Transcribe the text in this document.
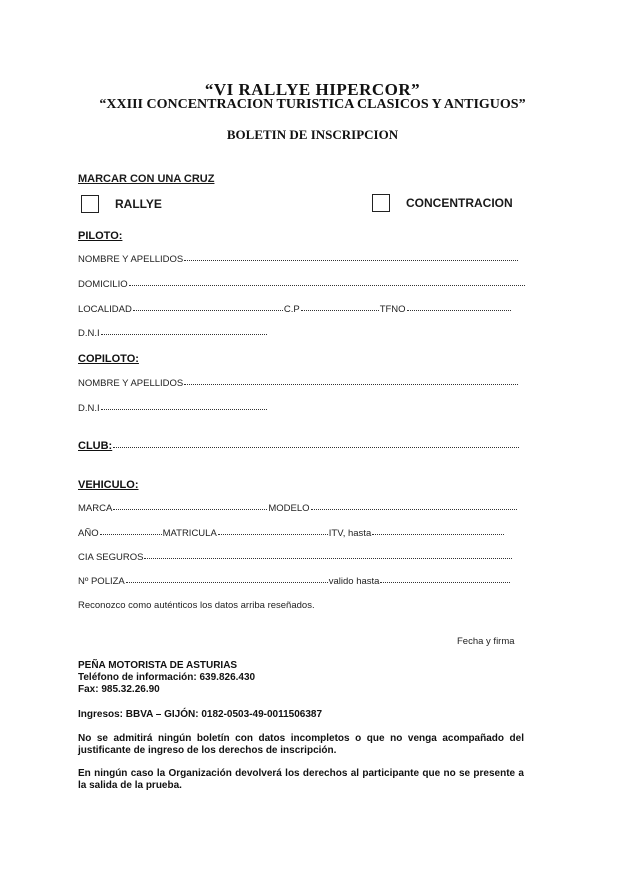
“VI RALLYE HIPERCOR”
“XXIII CONCENTRACION TURISTICA CLASICOS Y ANTIGUOS”
BOLETIN DE INSCRIPCION
MARCAR CON UNA CRUZ
RALLYE	CONCENTRACION
PILOTO:
NOMBRE Y APELLIDOS
DOMICILIO
LOCALIDAD	C.P	TFNO
D.N.I
COPILOTO:
NOMBRE Y APELLIDOS
D.N.I
CLUB:
VEHICULO:
MARCA	MODELO
AÑO	MATRICULA	ITV, hasta
CIA SEGUROS
Nº POLIZA	valido hasta
Reconozco como auténticos los datos arriba reseñados.
Fecha y firma
PEÑA MOTORISTA DE ASTURIAS
Teléfono de información: 639.826.430
Fax: 985.32.26.90
Ingresos: BBVA – GIJÓN: 0182-0503-49-0011506387
No se admitirá ningún boletín con datos incompletos o que no venga acompañado del justificante de ingreso de los derechos de inscripción.
En ningún caso la Organización devolverá los derechos al participante que no se presente a la salida de la prueba.
